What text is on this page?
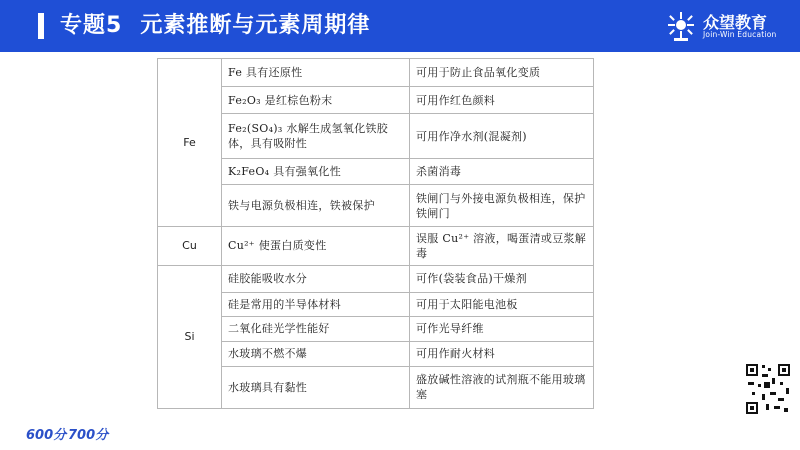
专题5 元素推断与元素周期律	众望教育
Join-Win Education
Fe	Fe 具有还原性	可用于防止食品氧化变质
	Fe₂O₃ 是红棕色粉末	可用作红色颜料
	Fe₂(SO₄)₃ 水解生成氢氧化铁胶体，具有吸附性	可用作净水剂(混凝剂)
	K₂FeO₄ 具有强氧化性	杀菌消毒
	铁与电源负极相连，铁被保护	铁闸门与外接电源负极相连，保护铁闸门
Cu	Cu²⁺ 使蛋白质变性	误服 Cu²⁺ 溶液，喝蛋清或豆浆解毒
Si	硅胶能吸收水分	可作(袋装食品)干燥剂
	硅是常用的半导体材料	可用于太阳能电池板
	二氧化硅光学性能好	可作光导纤维
	水玻璃不燃不爆	可用作耐火材料
	水玻璃具有黏性	盛放碱性溶液的试剂瓶不能用玻璃塞
600分 700分
